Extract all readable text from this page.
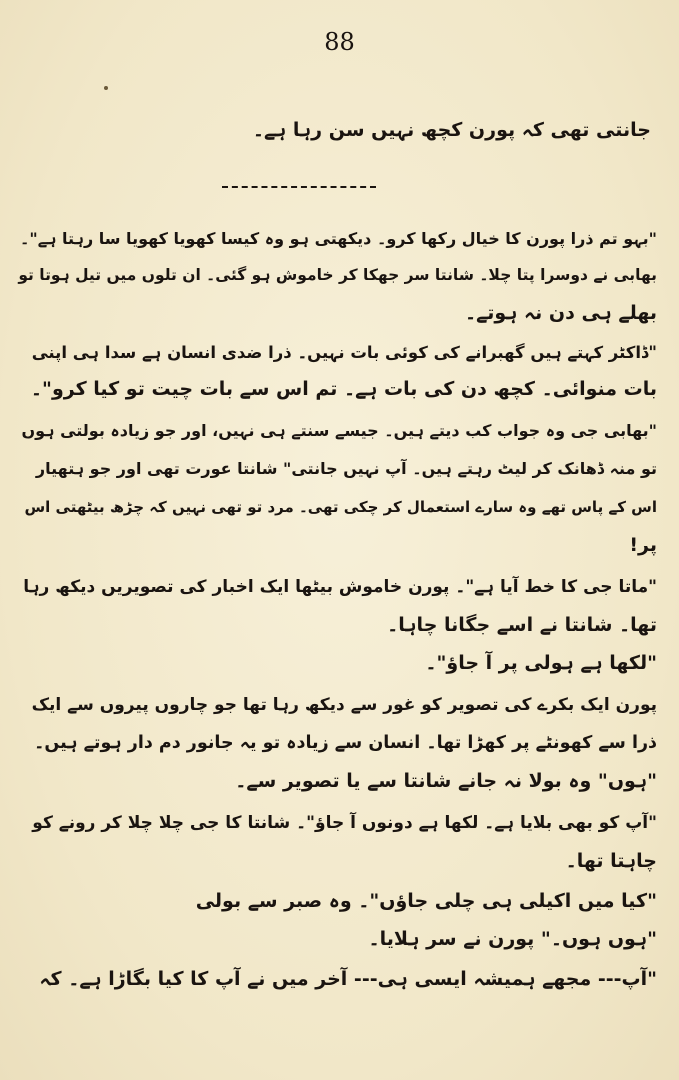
88
جانتی تھی کہ پورن کچھ نہیں سن رہا ہے۔
"بہو تم ذرا پورن کا خیال رکھا کرو۔ دیکھتی ہو وہ کیسا کھویا کھویا سا رہتا ہے"۔
بھابی نے دوسرا پتا چلا۔ شانتا سر جھکا کر خاموش ہو گئی۔ ان تلوں میں تیل ہوتا تو
بھلے ہی دن نہ ہوتے۔
"ڈاکٹر کہتے ہیں گھبرانے کی کوئی بات نہیں۔ ذرا ضدی انسان ہے سدا ہی اپنی
بات منوائی۔ کچھ دن کی بات ہے۔ تم اس سے بات چیت تو کیا کرو"۔
"بھابی جی وہ جواب کب دیتے ہیں۔ جیسے سنتے ہی نہیں، اور جو زیادہ بولتی ہوں
تو منہ ڈھانک کر لیٹ رہتے ہیں۔ آپ نہیں جانتی" شانتا عورت تھی اور جو ہتھیار
اس کے پاس تھے وہ سارے استعمال کر چکی تھی۔ مرد تو تھی نہیں کہ چڑھ بیٹھتی اس
پر!
"ماتا جی کا خط آیا ہے"۔ پورن خاموش بیٹھا ایک اخبار کی تصویریں دیکھ رہا
تھا۔ شانتا نے اسے جگانا چاہا۔
"لکھا ہے ہولی پر آ جاؤ"۔
پورن ایک بکرے کی تصویر کو غور سے دیکھ رہا تھا جو چاروں پیروں سے ایک
ذرا سے کھونٹے پر کھڑا تھا۔ انسان سے زیادہ تو یہ جانور دم دار ہوتے ہیں۔
"ہوں" وہ بولا نہ جانے شانتا سے یا تصویر سے۔
"آپ کو بھی بلایا ہے۔ لکھا ہے دونوں آ جاؤ"۔ شانتا کا جی چلا چلا کر رونے کو
چاہتا تھا۔
"کیا میں اکیلی ہی چلی جاؤں"۔ وہ صبر سے بولی
"ہوں ہوں۔" پورن نے سر ہلایا۔
"آپ--- مجھے ہمیشہ ایسی ہی--- آخر میں نے آپ کا کیا بگاڑا ہے۔ کہ
